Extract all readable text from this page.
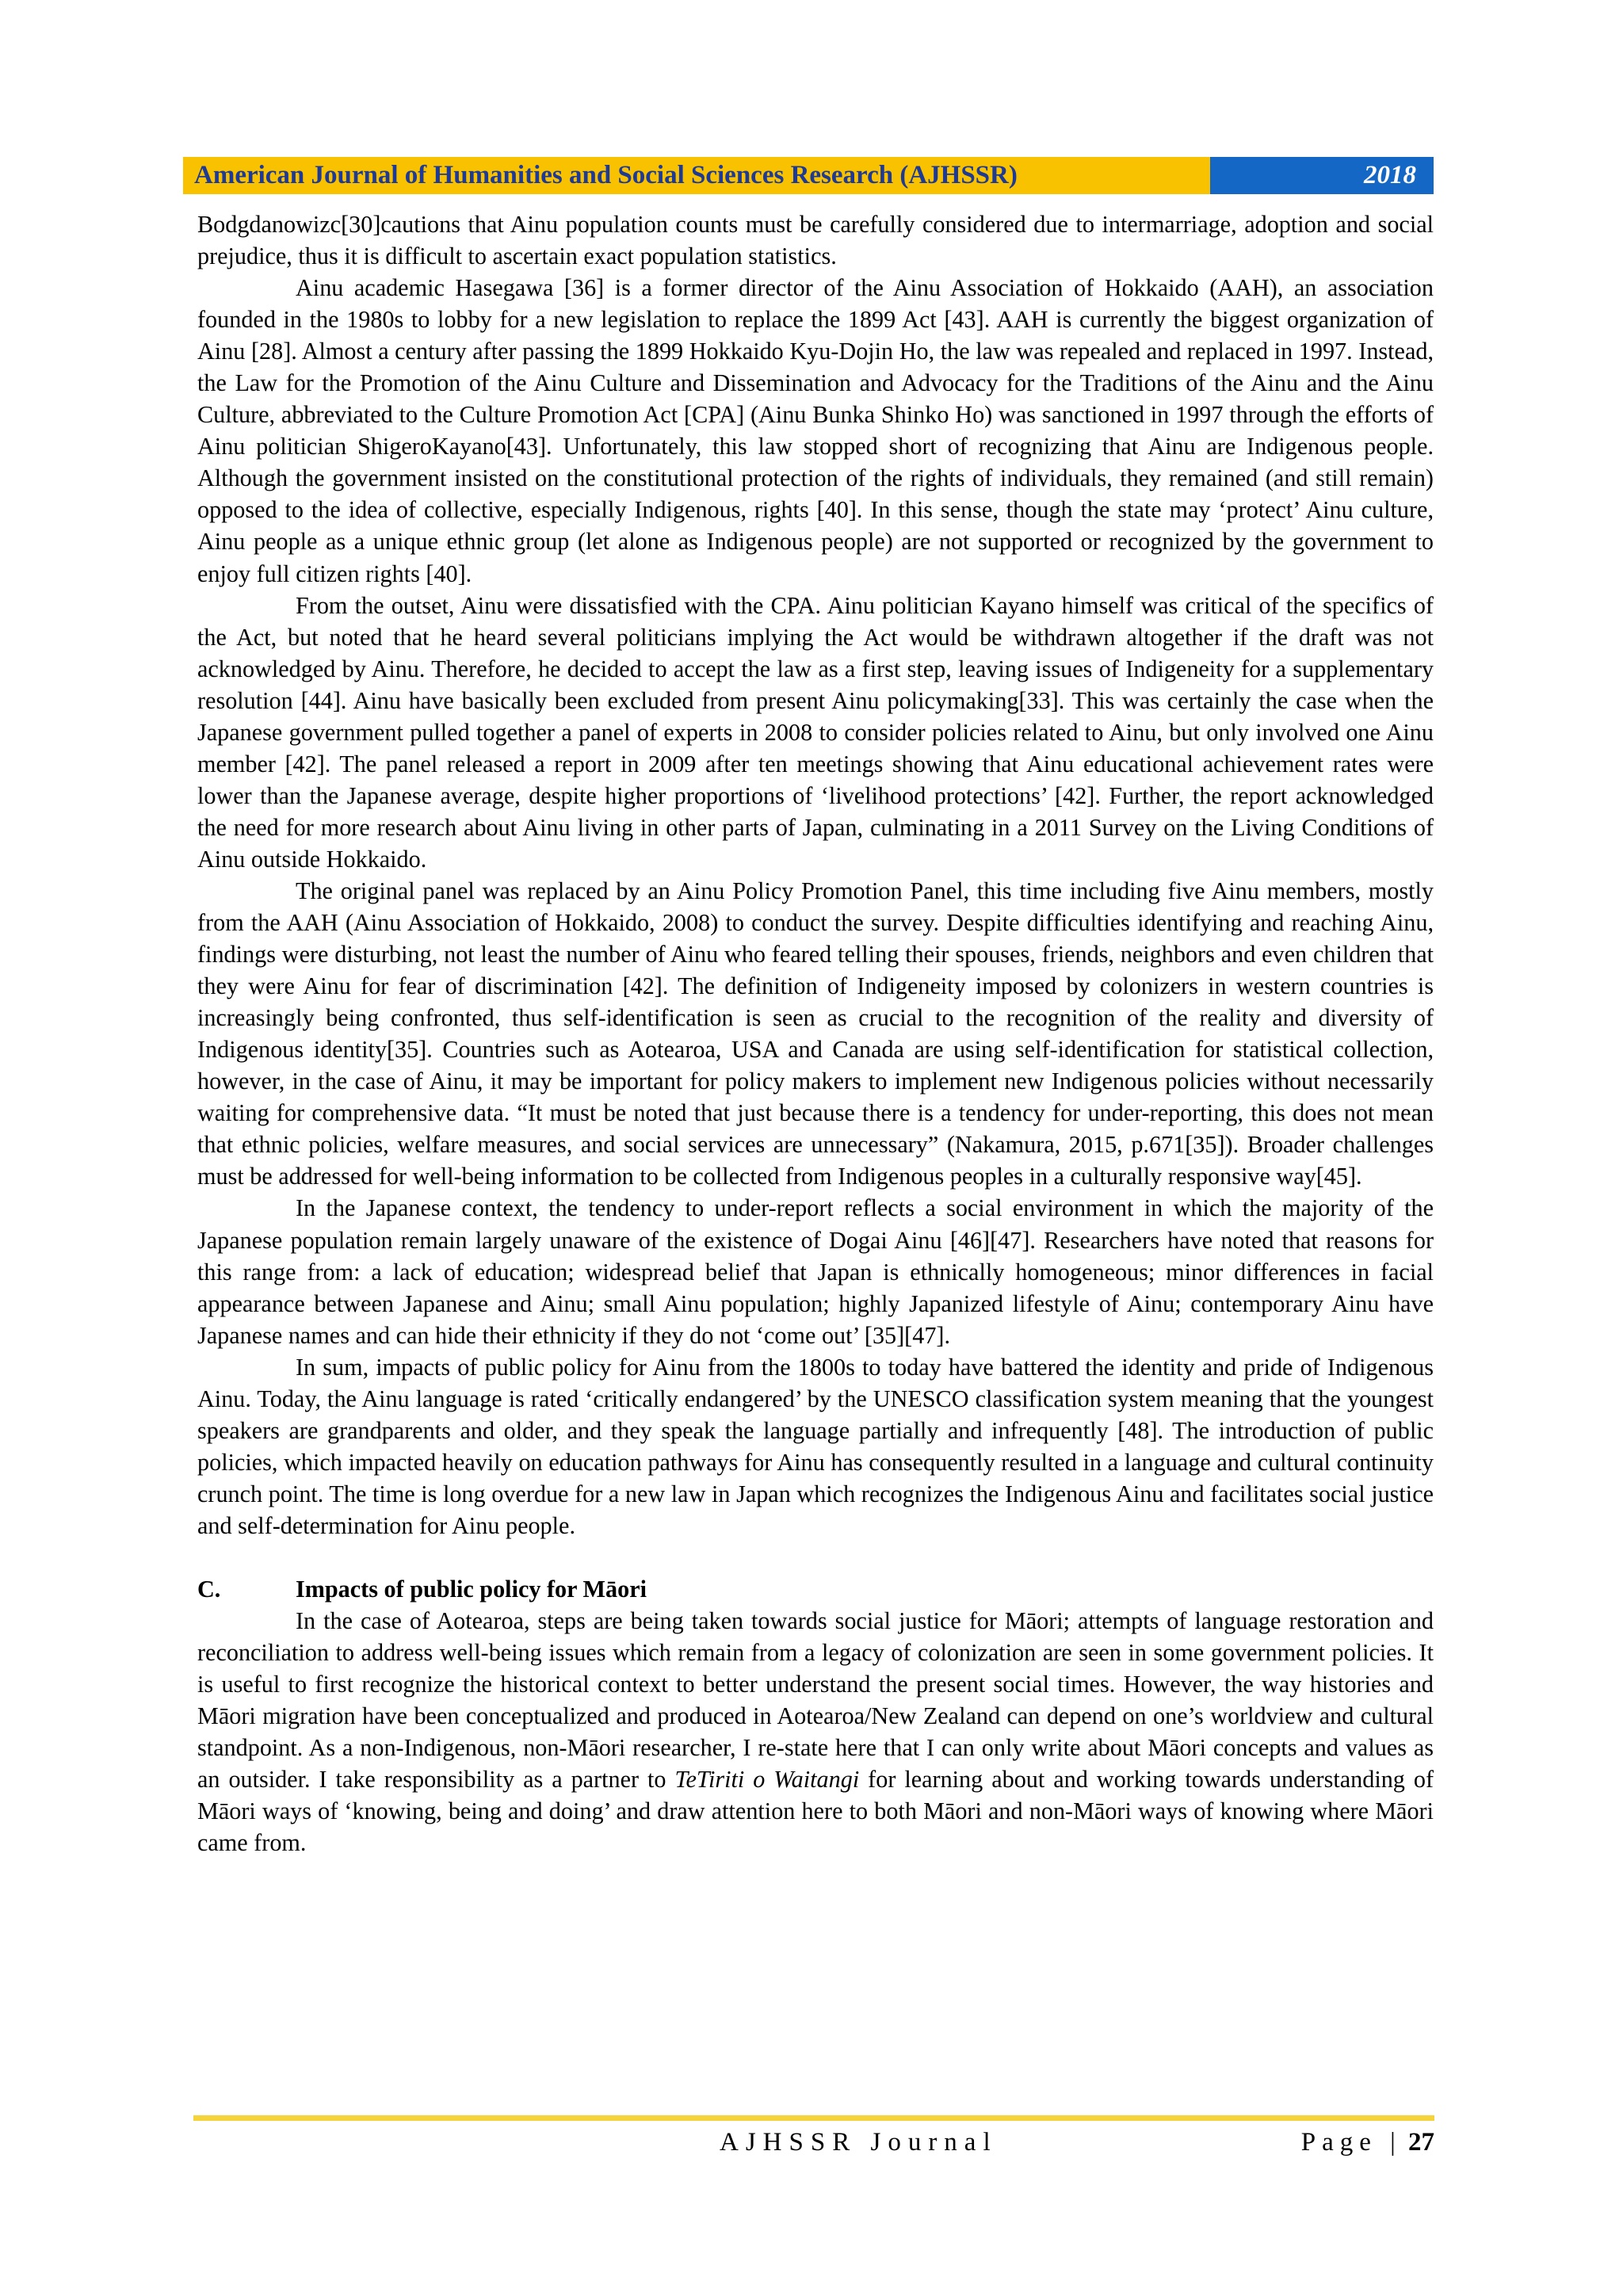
American Journal of Humanities and Social Sciences Research (AJHSSR)	2018

Bodgdanowizc[30]cautions that Ainu population counts must be carefully considered due to intermarriage, adoption and social prejudice, thus it is difficult to ascertain exact population statistics.

Ainu academic Hasegawa [36] is a former director of the Ainu Association of Hokkaido (AAH), an association founded in the 1980s to lobby for a new legislation to replace the 1899 Act [43]. AAH is currently the biggest organization of Ainu [28]. Almost a century after passing the 1899 Hokkaido Kyu-Dojin Ho, the law was repealed and replaced in 1997. Instead, the Law for the Promotion of the Ainu Culture and Dissemination and Advocacy for the Traditions of the Ainu and the Ainu Culture, abbreviated to the Culture Promotion Act [CPA] (Ainu Bunka Shinko Ho) was sanctioned in 1997 through the efforts of Ainu politician ShigeroKayano[43]. Unfortunately, this law stopped short of recognizing that Ainu are Indigenous people. Although the government insisted on the constitutional protection of the rights of individuals, they remained (and still remain) opposed to the idea of collective, especially Indigenous, rights [40]. In this sense, though the state may ‘protect’ Ainu culture, Ainu people as a unique ethnic group (let alone as Indigenous people) are not supported or recognized by the government to enjoy full citizen rights [40].

From the outset, Ainu were dissatisfied with the CPA. Ainu politician Kayano himself was critical of the specifics of the Act, but noted that he heard several politicians implying the Act would be withdrawn altogether if the draft was not acknowledged by Ainu. Therefore, he decided to accept the law as a first step, leaving issues of Indigeneity for a supplementary resolution [44]. Ainu have basically been excluded from present Ainu policymaking[33]. This was certainly the case when the Japanese government pulled together a panel of experts in 2008 to consider policies related to Ainu, but only involved one Ainu member [42]. The panel released a report in 2009 after ten meetings showing that Ainu educational achievement rates were lower than the Japanese average, despite higher proportions of ‘livelihood protections’ [42]. Further, the report acknowledged the need for more research about Ainu living in other parts of Japan, culminating in a 2011 Survey on the Living Conditions of Ainu outside Hokkaido.

The original panel was replaced by an Ainu Policy Promotion Panel, this time including five Ainu members, mostly from the AAH (Ainu Association of Hokkaido, 2008) to conduct the survey. Despite difficulties identifying and reaching Ainu, findings were disturbing, not least the number of Ainu who feared telling their spouses, friends, neighbors and even children that they were Ainu for fear of discrimination [42]. The definition of Indigeneity imposed by colonizers in western countries is increasingly being confronted, thus self-identification is seen as crucial to the recognition of the reality and diversity of Indigenous identity[35]. Countries such as Aotearoa, USA and Canada are using self-identification for statistical collection, however, in the case of Ainu, it may be important for policy makers to implement new Indigenous policies without necessarily waiting for comprehensive data. “It must be noted that just because there is a tendency for under-reporting, this does not mean that ethnic policies, welfare measures, and social services are unnecessary” (Nakamura, 2015, p.671[35]). Broader challenges must be addressed for well-being information to be collected from Indigenous peoples in a culturally responsive way[45].

In the Japanese context, the tendency to under-report reflects a social environment in which the majority of the Japanese population remain largely unaware of the existence of Dogai Ainu [46][47]. Researchers have noted that reasons for this range from: a lack of education; widespread belief that Japan is ethnically homogeneous; minor differences in facial appearance between Japanese and Ainu; small Ainu population; highly Japanized lifestyle of Ainu; contemporary Ainu have Japanese names and can hide their ethnicity if they do not ‘come out’ [35][47].

In sum, impacts of public policy for Ainu from the 1800s to today have battered the identity and pride of Indigenous Ainu. Today, the Ainu language is rated ‘critically endangered’ by the UNESCO classification system meaning that the youngest speakers are grandparents and older, and they speak the language partially and infrequently [48]. The introduction of public policies, which impacted heavily on education pathways for Ainu has consequently resulted in a language and cultural continuity crunch point. The time is long overdue for a new law in Japan which recognizes the Indigenous Ainu and facilitates social justice and self-determination for Ainu people.

C.	Impacts of public policy for Māori

In the case of Aotearoa, steps are being taken towards social justice for Māori; attempts of language restoration and reconciliation to address well-being issues which remain from a legacy of colonization are seen in some government policies. It is useful to first recognize the historical context to better understand the present social times. However, the way histories and Māori migration have been conceptualized and produced in Aotearoa/New Zealand can depend on one’s worldview and cultural standpoint. As a non-Indigenous, non-Māori researcher, I re-state here that I can only write about Māori concepts and values as an outsider. I take responsibility as a partner to TeTiriti o Waitangi for learning about and working towards understanding of Māori ways of ‘knowing, being and doing’ and draw attention here to both Māori and non-Māori ways of knowing where Māori came from.

AJHSSR Journal	Page | 27
